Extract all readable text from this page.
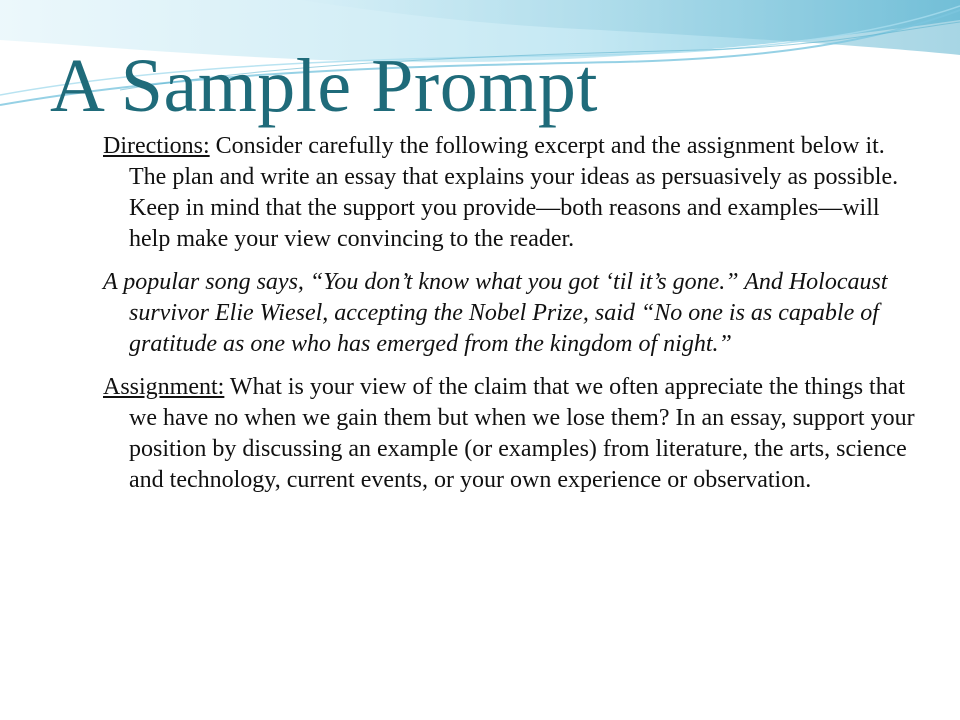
A Sample Prompt

Directions: Consider carefully the following excerpt and the assignment below it. The plan and write an essay that explains your ideas as persuasively as possible. Keep in mind that the support you provide—both reasons and examples—will help make your view convincing to the reader.

A popular song says, “You don’t know what you got ‘til it’s gone.” And Holocaust survivor Elie Wiesel, accepting the Nobel Prize, said “No one is as capable of gratitude as one who has emerged from the kingdom of night.”

Assignment: What is your view of the claim that we often appreciate the things that we have no when we gain them but when we lose them? In an essay, support your position by discussing an example (or examples) from literature, the arts, science and technology, current events, or your own experience or observation.
